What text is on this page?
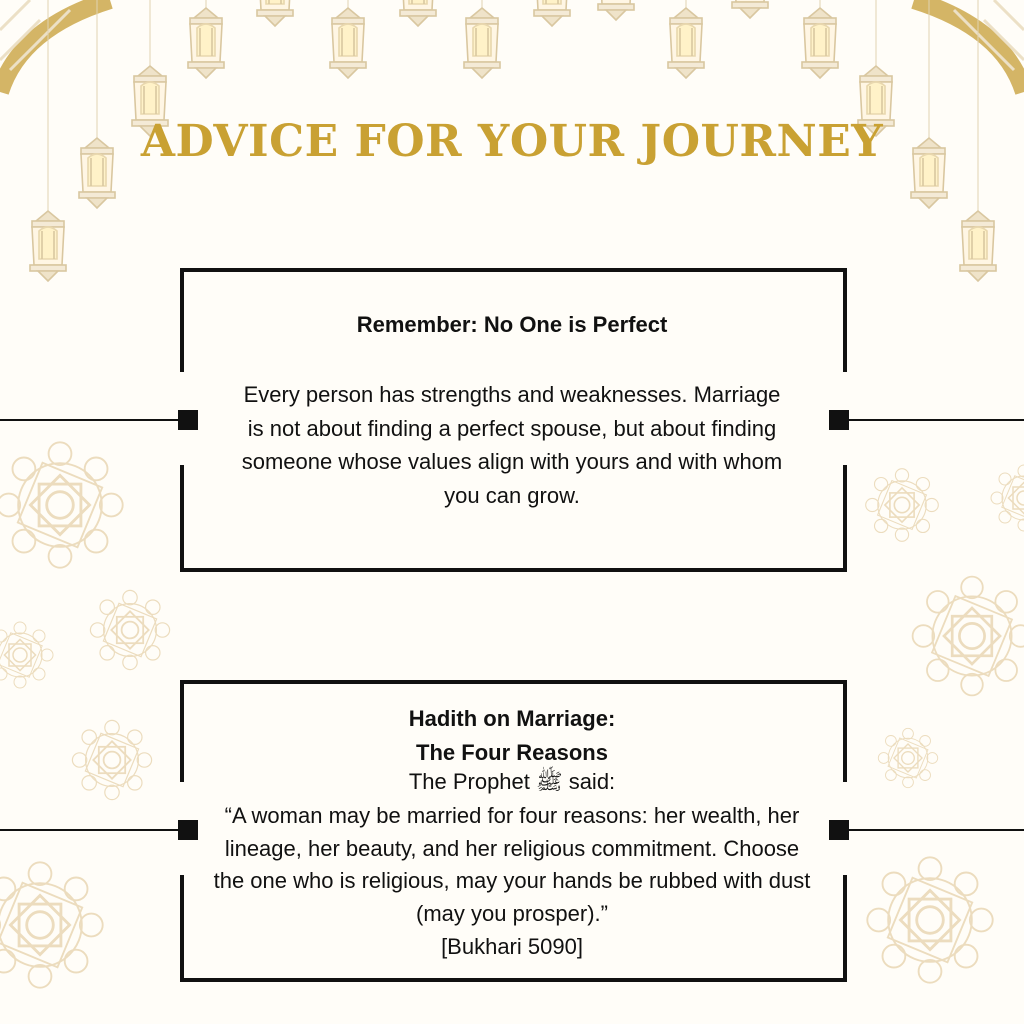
ADVICE FOR YOUR JOURNEY
Remember: No One is Perfect
Every person has strengths and weaknesses. Marriage is not about finding a perfect spouse, but about finding someone whose values align with yours and with whom you can grow.
Hadith on Marriage:
The Four Reasons
The Prophet ﷺ said:
“A woman may be married for four reasons: her wealth, her lineage, her beauty, and her religious commitment. Choose the one who is religious, may your hands be rubbed with dust (may you prosper).”
[Bukhari 5090]
